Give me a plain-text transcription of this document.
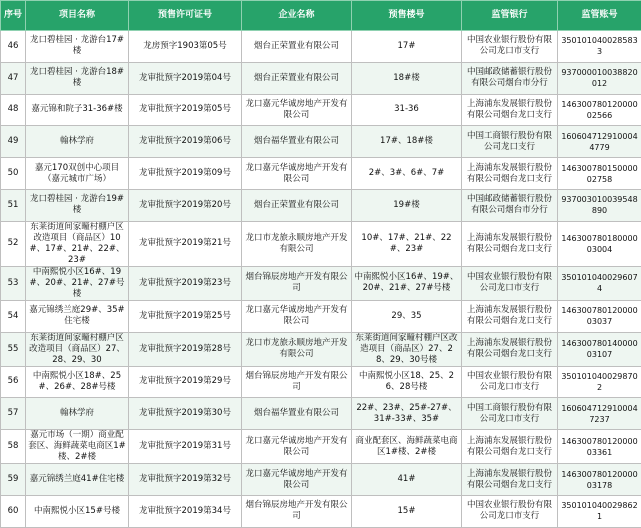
序号	项目名称	预售许可证号	企业名称	预售楼号	监管银行	监管账号
46	龙口碧桂园 · 龙游台17#楼	龙房预字1903第05号	烟台正荣置业有限公司	17#	中国农业银行股份有限公司龙口市支行	3501010400285833
47	龙口碧桂园 · 龙游台18#楼	龙审批预字2019第04号	烟台正荣置业有限公司	18#楼	中国邮政储蓄银行股份有限公司烟台市分行	937000010038820012
48	嘉元锦和院子31-36#楼	龙审批预字2019第05号	龙口嘉元华诚房地产开发有限公司	31-36	上海浦东发展银行股份有限公司烟台龙口支行	14630078012000002566
49	翰林学府	龙审批预字2019第06号	烟台福华置业有限公司	17#、18#楼	中国工商银行股份有限公司龙口支行	1606047129100044779
50	嘉元170双创中心项目（嘉元城市广场）	龙审批预字2019第09号	龙口嘉元华诚房地产开发有限公司	2#、3#、6#、7#	上海浦东发展银行股份有限公司烟台龙口支行	14630078015000002758
51	龙口碧桂园 · 龙游台19#楼	龙审批预字2019第20号	烟台正荣置业有限公司	19#楼	中国邮政储蓄银行股份有限公司烟台市分行	937003010039548890
52	东莱街道间家疃村棚户区改造项目（商品区）10#、17#、21#、22#、23#	龙审批预字2019第21号	龙口市龙旅永顺房地产开发有限公司	10#、17#、21#、22#、23#	上海浦东发展银行股份有限公司烟台龙口支行	14630078018000003004
53	中南熙悦小区16#、19#、20#、21#、27#号楼	龙审批预字2019第23号	烟台锦辰房地产开发有限公司	中南熙悦小区16#、19#、20#、21#、27#号楼	中国农业银行股份有限公司龙口市支行	3501010400296074
54	嘉元锦绣兰庭29#、35#住宅楼	龙审批预字2019第25号	龙口嘉元华诚房地产开发有限公司	29、35	上海浦东发展银行股份有限公司烟台龙口支行	14630078012000003037
55	东莱街道间家疃村棚户区改造项目（商品区）27、28、29、30	龙审批预字2019第28号	龙口市龙旅永顺房地产开发有限公司	东莱街道间家疃村棚户区改造项目（商品区）27、28、29、30号楼	上海浦东发展银行股份有限公司烟台龙口支行	14630078014000003107
56	中南熙悦小区18#、25#、26#、28#号楼	龙审批预字2019第29号	烟台锦辰房地产开发有限公司	中南熙悦小区18、25、26、28号楼	中国农业银行股份有限公司龙口市支行	3501010400298702
57	翰林学府	龙审批预字2019第30号	烟台福华置业有限公司	22#、23#、25#-27#、31#-33#、35#	中国工商银行股份有限公司龙口市支行	1606047129100047237
58	嘉元市场（一期）商业配套区、海鲜蔬菜电商区1#楼、2#楼	龙审批预字2019第31号	龙口嘉元华诚房地产开发有限公司	商业配套区、海鲜蔬菜电商区1#楼、2#楼	上海浦东发展银行股份有限公司烟台龙口支行	14630078012000003361
59	嘉元锦绣兰庭41#住宅楼	龙审批预字2019第32号	龙口嘉元华诚房地产开发有限公司	41#	上海浦东发展银行股份有限公司烟台龙口支行	14630078012000003178
60	中南熙悦小区15#号楼	龙审批预字2019第34号	烟台锦辰房地产开发有限公司	15#	中国农业银行股份有限公司龙口市支行	3501010400298621
